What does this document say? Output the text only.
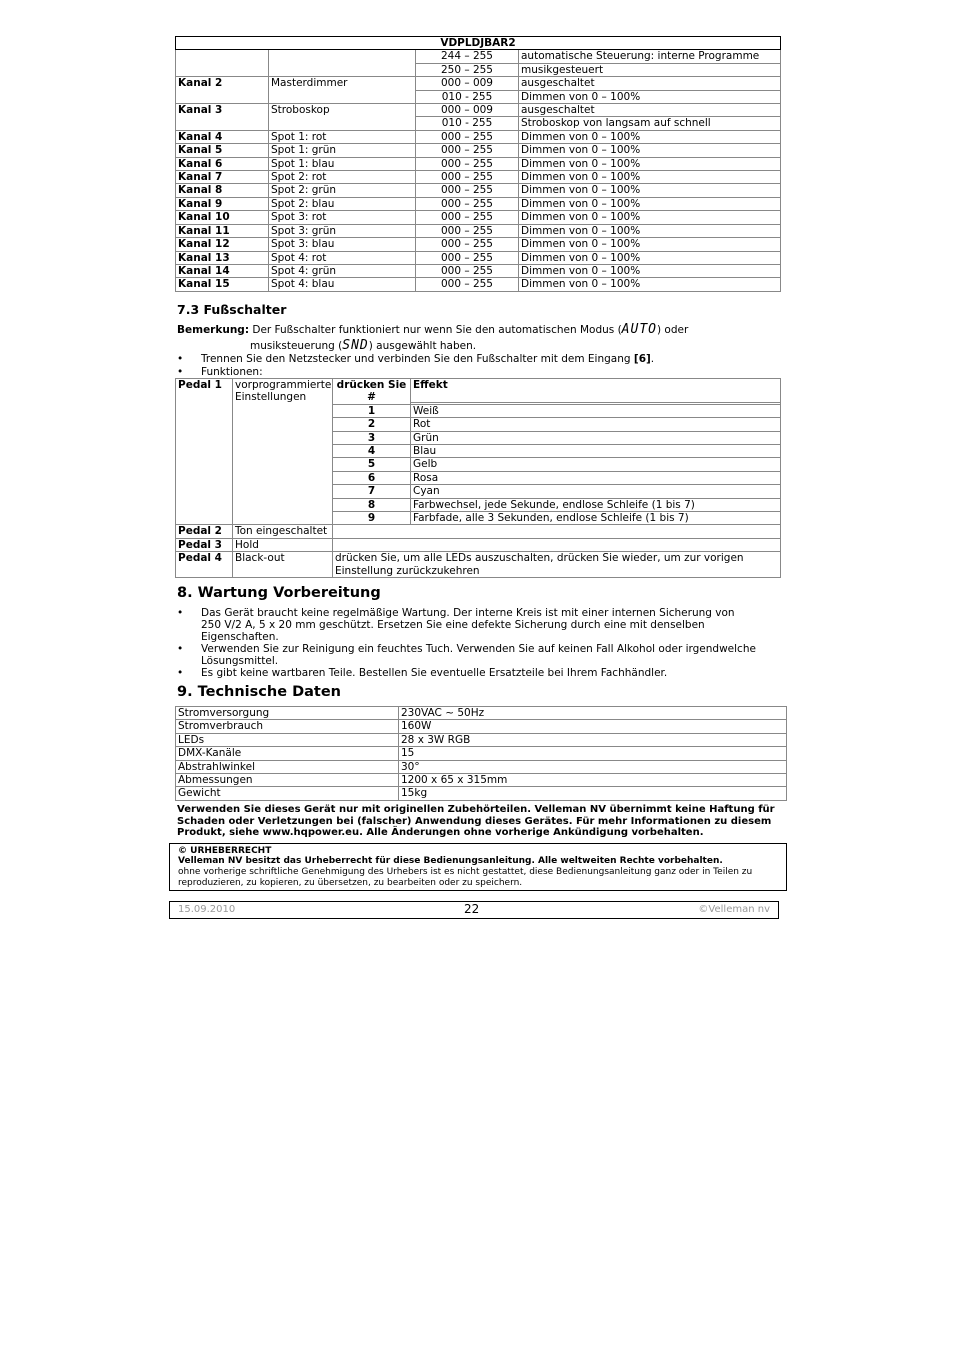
VDPLDJBAR2			
		244 – 255	automatische Steuerung: interne Programme
		250 – 255	musikgesteuert
Kanal 2	Masterdimmer	000 – 009	ausgeschaltet
		010 - 255	Dimmen von 0 – 100%
Kanal 3	Stroboskop	000 – 009	ausgeschaltet
		010 - 255	Stroboskop von langsam auf schnell
Kanal 4	Spot 1: rot	000 – 255	Dimmen von 0 – 100%
Kanal 5	Spot 1: grün	000 – 255	Dimmen von 0 – 100%
Kanal 6	Spot 1: blau	000 – 255	Dimmen von 0 – 100%
Kanal 7	Spot 2: rot	000 – 255	Dimmen von 0 – 100%
Kanal 8	Spot 2: grün	000 – 255	Dimmen von 0 – 100%
Kanal 9	Spot 2: blau	000 – 255	Dimmen von 0 – 100%
Kanal 10	Spot 3: rot	000 – 255	Dimmen von 0 – 100%
Kanal 11	Spot 3: grün	000 – 255	Dimmen von 0 – 100%
Kanal 12	Spot 3: blau	000 – 255	Dimmen von 0 – 100%
Kanal 13	Spot 4: rot	000 – 255	Dimmen von 0 – 100%
Kanal 14	Spot 4: grün	000 – 255	Dimmen von 0 – 100%
Kanal 15	Spot 4: blau	000 – 255	Dimmen von 0 – 100%
7.3 Fußschalter
Bemerkung: Der Fußschalter funktioniert nur wenn Sie den automatischen Modus (AUTO) oder
musiksteuerung (SND) ausgewählt haben.
• Trennen Sie den Netzstecker und verbinden Sie den Fußschalter mit dem Eingang [6].
• Funktionen:
Pedal 1	vorprogrammierte Einstellungen	drücken Sie #	Effekt

		1	Weiß
		2	Rot
		3	Grün
		4	Blau
		5	Gelb
		6	Rosa
		7	Cyan
		8	Farbwechsel, jede Sekunde, endlose Schleife (1 bis 7)
		9	Farbfade, alle 3 Sekunden, endlose Schleife (1 bis 7)
Pedal 2	Ton eingeschaltet		
Pedal 3	Hold		
Pedal 4	Black-out	drücken Sie, um alle LEDs auszuschalten, drücken Sie wieder, um zur vorigen Einstellung zurückzukehren	
8. Wartung Vorbereitung
• Das Gerät braucht keine regelmäßige Wartung. Der interne Kreis ist mit einer internen Sicherung von
250 V/2 A, 5 x 20 mm geschützt. Ersetzen Sie eine defekte Sicherung durch eine mit denselben
Eigenschaften.
• Verwenden Sie zur Reinigung ein feuchtes Tuch. Verwenden Sie auf keinen Fall Alkohol oder irgendwelche
Lösungsmittel.
• Es gibt keine wartbaren Teile. Bestellen Sie eventuelle Ersatzteile bei Ihrem Fachhändler.
9. Technische Daten
Stromversorgung	230VAC ~ 50Hz
Stromverbrauch	160W
LEDs	28 x 3W RGB
DMX-Kanäle	15
Abstrahlwinkel	30°
Abmessungen	1200 x 65 x 315mm
Gewicht	15kg
Verwenden Sie dieses Gerät nur mit originellen Zubehörteilen. Velleman NV übernimmt keine Haftung für Schaden oder Verletzungen bei (falscher) Anwendung dieses Gerätes. Für mehr Informationen zu diesem Produkt, siehe www.hqpower.eu. Alle Änderungen ohne vorherige Ankündigung vorbehalten.
© URHEBERRECHT
Velleman NV besitzt das Urheberrecht für diese Bedienungsanleitung. Alle weltweiten Rechte vorbehalten.
ohne vorherige schriftliche Genehmigung des Urhebers ist es nicht gestattet, diese Bedienungsanleitung ganz oder in Teilen zu reproduzieren, zu kopieren, zu übersetzen, zu bearbeiten oder zu speichern.
15.09.2010	22	©Velleman nv
